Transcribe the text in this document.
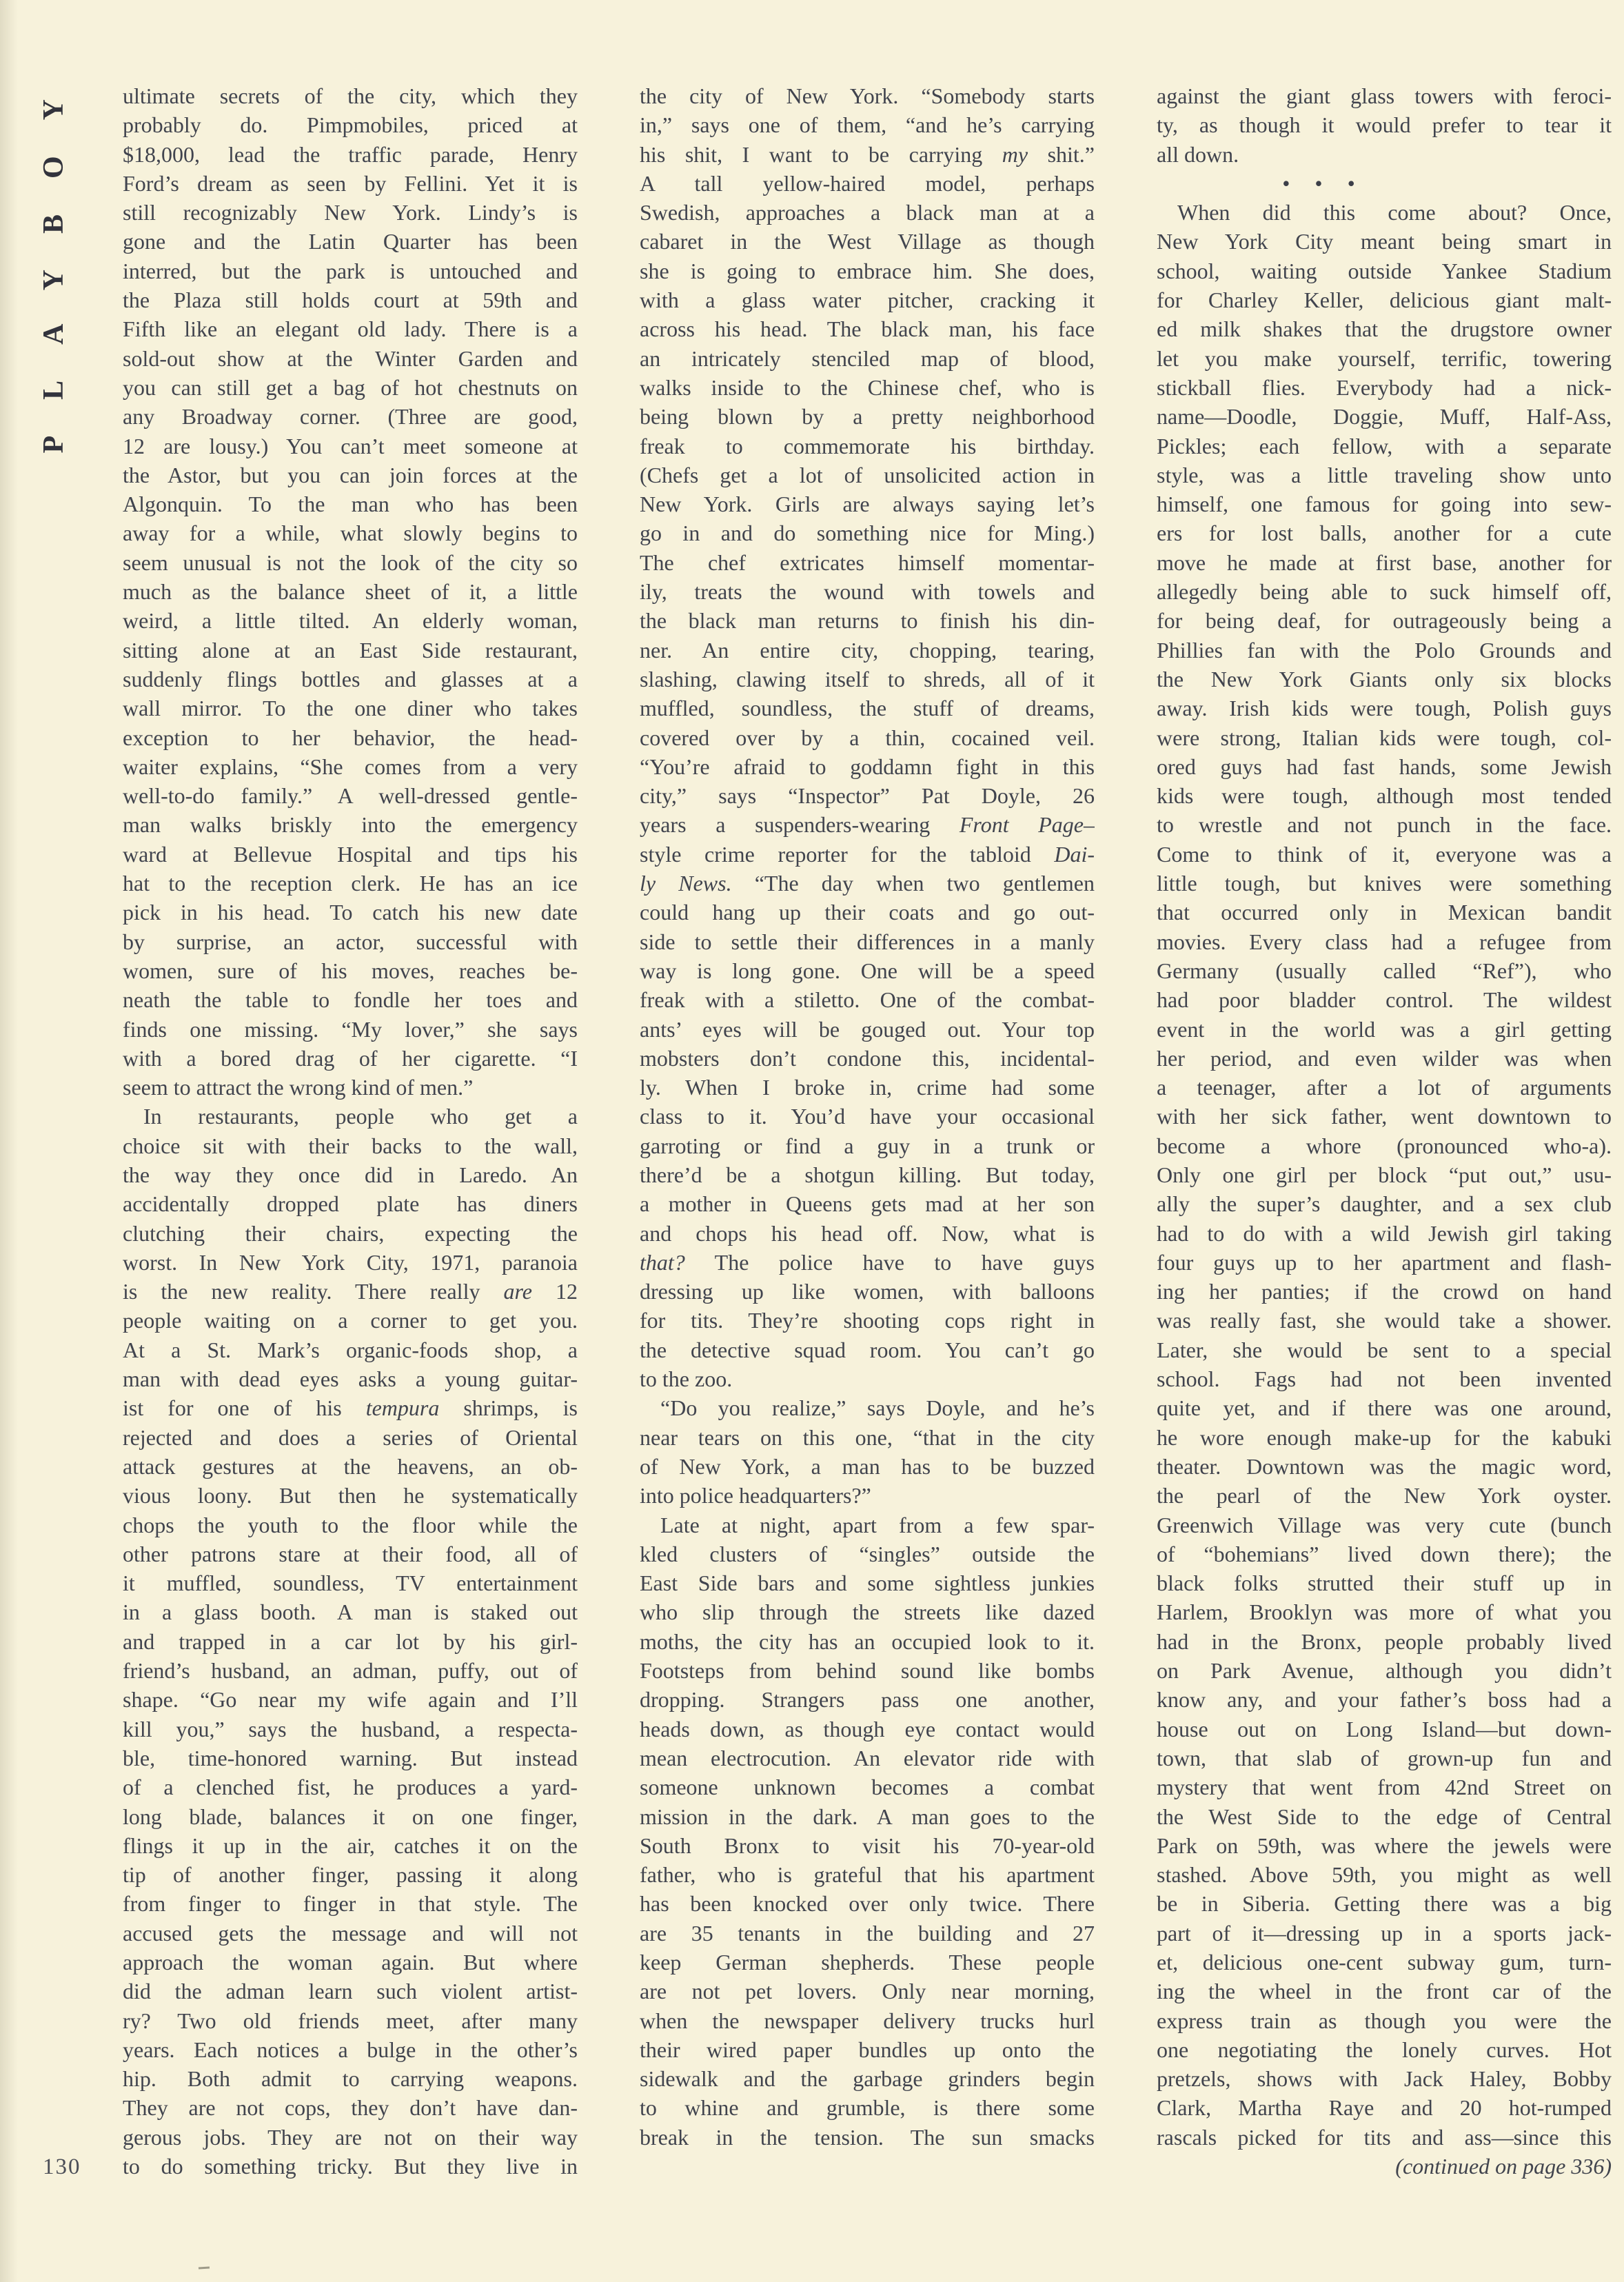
PLAYBOY
130
ultimate secrets of the city, which they
probably do. Pimpmobiles, priced at
$18,000, lead the traffic parade, Henry
Ford’s dream as seen by Fellini. Yet it is
still recognizably New York. Lindy’s is
gone and the Latin Quarter has been
interred, but the park is untouched and
the Plaza still holds court at 59th and
Fifth like an elegant old lady. There is a
sold-out show at the Winter Garden and
you can still get a bag of hot chestnuts on
any Broadway corner. (Three are good,
12 are lousy.) You can’t meet someone at
the Astor, but you can join forces at the
Algonquin. To the man who has been
away for a while, what slowly begins to
seem unusual is not the look of the city so
much as the balance sheet of it, a little
weird, a little tilted. An elderly woman,
sitting alone at an East Side restaurant,
suddenly flings bottles and glasses at a
wall mirror. To the one diner who takes
exception to her behavior, the head-
waiter explains, “She comes from a very
well-to-do family.” A well-dressed gentle-
man walks briskly into the emergency
ward at Bellevue Hospital and tips his
hat to the reception clerk. He has an ice
pick in his head. To catch his new date
by surprise, an actor, successful with
women, sure of his moves, reaches be-
neath the table to fondle her toes and
finds one missing. “My lover,” she says
with a bored drag of her cigarette. “I
seem to attract the wrong kind of men.”
In restaurants, people who get a
choice sit with their backs to the wall,
the way they once did in Laredo. An
accidentally dropped plate has diners
clutching their chairs, expecting the
worst. In New York City, 1971, paranoia
is the new reality. There really are 12
people waiting on a corner to get you.
At a St. Mark’s organic-foods shop, a
man with dead eyes asks a young guitar-
ist for one of his tempura shrimps, is
rejected and does a series of Oriental
attack gestures at the heavens, an ob-
vious loony. But then he systematically
chops the youth to the floor while the
other patrons stare at their food, all of
it muffled, soundless, TV entertainment
in a glass booth. A man is staked out
and trapped in a car lot by his girl-
friend’s husband, an adman, puffy, out of
shape. “Go near my wife again and I’ll
kill you,” says the husband, a respecta-
ble, time-honored warning. But instead
of a clenched fist, he produces a yard-
long blade, balances it on one finger,
flings it up in the air, catches it on the
tip of another finger, passing it along
from finger to finger in that style. The
accused gets the message and will not
approach the woman again. But where
did the adman learn such violent artist-
ry? Two old friends meet, after many
years. Each notices a bulge in the other’s
hip. Both admit to carrying weapons.
They are not cops, they don’t have dan-
gerous jobs. They are not on their way
to do something tricky. But they live in
the city of New York. “Somebody starts
in,” says one of them, “and he’s carrying
his shit, I want to be carrying my shit.”
A tall yellow-haired model, perhaps
Swedish, approaches a black man at a
cabaret in the West Village as though
she is going to embrace him. She does,
with a glass water pitcher, cracking it
across his head. The black man, his face
an intricately stenciled map of blood,
walks inside to the Chinese chef, who is
being blown by a pretty neighborhood
freak to commemorate his birthday.
(Chefs get a lot of unsolicited action in
New York. Girls are always saying let’s
go in and do something nice for Ming.)
The chef extricates himself momentar-
ily, treats the wound with towels and
the black man returns to finish his din-
ner. An entire city, chopping, tearing,
slashing, clawing itself to shreds, all of it
muffled, soundless, the stuff of dreams,
covered over by a thin, cocained veil.
“You’re afraid to goddamn fight in this
city,” says “Inspector” Pat Doyle, 26
years a suspenders-wearing Front Page–
style crime reporter for the tabloid Dai-
ly News. “The day when two gentlemen
could hang up their coats and go out-
side to settle their differences in a manly
way is long gone. One will be a speed
freak with a stiletto. One of the combat-
ants’ eyes will be gouged out. Your top
mobsters don’t condone this, incidental-
ly. When I broke in, crime had some
class to it. You’d have your occasional
garroting or find a guy in a trunk or
there’d be a shotgun killing. But today,
a mother in Queens gets mad at her son
and chops his head off. Now, what is
that? The police have to have guys
dressing up like women, with balloons
for tits. They’re shooting cops right in
the detective squad room. You can’t go
to the zoo.
“Do you realize,” says Doyle, and he’s
near tears on this one, “that in the city
of New York, a man has to be buzzed
into police headquarters?”
Late at night, apart from a few spar-
kled clusters of “singles” outside the
East Side bars and some sightless junkies
who slip through the streets like dazed
moths, the city has an occupied look to it.
Footsteps from behind sound like bombs
dropping. Strangers pass one another,
heads down, as though eye contact would
mean electrocution. An elevator ride with
someone unknown becomes a combat
mission in the dark. A man goes to the
South Bronx to visit his 70-year-old
father, who is grateful that his apartment
has been knocked over only twice. There
are 35 tenants in the building and 27
keep German shepherds. These people
are not pet lovers. Only near morning,
when the newspaper delivery trucks hurl
their wired paper bundles up onto the
sidewalk and the garbage grinders begin
to whine and grumble, is there some
break in the tension. The sun smacks
against the giant glass towers with feroci-
ty, as though it would prefer to tear it
all down.
• • •
When did this come about? Once,
New York City meant being smart in
school, waiting outside Yankee Stadium
for Charley Keller, delicious giant malt-
ed milk shakes that the drugstore owner
let you make yourself, terrific, towering
stickball flies. Everybody had a nick-
name—Doodle, Doggie, Muff, Half-Ass,
Pickles; each fellow, with a separate
style, was a little traveling show unto
himself, one famous for going into sew-
ers for lost balls, another for a cute
move he made at first base, another for
allegedly being able to suck himself off,
for being deaf, for outrageously being a
Phillies fan with the Polo Grounds and
the New York Giants only six blocks
away. Irish kids were tough, Polish guys
were strong, Italian kids were tough, col-
ored guys had fast hands, some Jewish
kids were tough, although most tended
to wrestle and not punch in the face.
Come to think of it, everyone was a
little tough, but knives were something
that occurred only in Mexican bandit
movies. Every class had a refugee from
Germany (usually called “Ref”), who
had poor bladder control. The wildest
event in the world was a girl getting
her period, and even wilder was when
a teenager, after a lot of arguments
with her sick father, went downtown to
become a whore (pronounced who-a).
Only one girl per block “put out,” usu-
ally the super’s daughter, and a sex club
had to do with a wild Jewish girl taking
four guys up to her apartment and flash-
ing her panties; if the crowd on hand
was really fast, she would take a shower.
Later, she would be sent to a special
school. Fags had not been invented
quite yet, and if there was one around,
he wore enough make-up for the kabuki
theater. Downtown was the magic word,
the pearl of the New York oyster.
Greenwich Village was very cute (bunch
of “bohemians” lived down there); the
black folks strutted their stuff up in
Harlem, Brooklyn was more of what you
had in the Bronx, people probably lived
on Park Avenue, although you didn’t
know any, and your father’s boss had a
house out on Long Island—but down-
town, that slab of grown-up fun and
mystery that went from 42nd Street on
the West Side to the edge of Central
Park on 59th, was where the jewels were
stashed. Above 59th, you might as well
be in Siberia. Getting there was a big
part of it—dressing up in a sports jack-
et, delicious one-cent subway gum, turn-
ing the wheel in the front car of the
express train as though you were the
one negotiating the lonely curves. Hot
pretzels, shows with Jack Haley, Bobby
Clark, Martha Raye and 20 hot-rumped
rascals picked for tits and ass—since this
(continued on page 336)
